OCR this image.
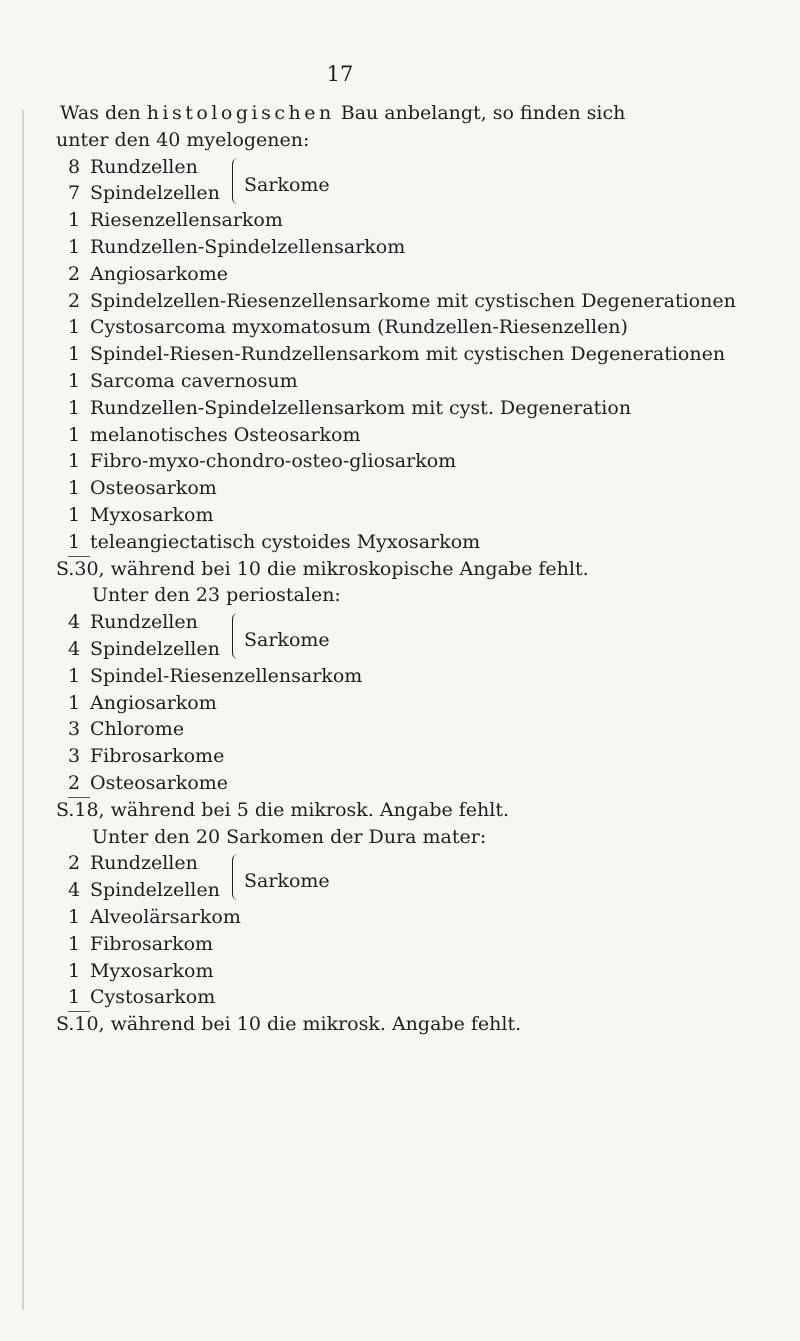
17
Was den histologischen Bau anbelangt, so finden sich
unter den 40 myelogenen:
8 Rundzellen
7 Spindelzellen	Sarkome
1 Riesenzellensarkom
1 Rundzellen-Spindelzellensarkom
2 Angiosarkome
2 Spindelzellen-Riesenzellensarkome mit cystischen Degenerationen
1 Cystosarcoma myxomatosum (Rundzellen-Riesenzellen)
1 Spindel-Riesen-Rundzellensarkom mit cystischen Degenerationen
1 Sarcoma cavernosum
1 Rundzellen-Spindelzellensarkom mit cyst. Degeneration
1 melanotisches Osteosarkom
1 Fibro-myxo-chondro-osteo-gliosarkom
1 Osteosarkom
1 Myxosarkom
1 teleangiectatisch cystoides Myxosarkom
S.30, während bei 10 die mikroskopische Angabe fehlt.
Unter den 23 periostalen:
4 Rundzellen
4 Spindelzellen	Sarkome
1 Spindel-Riesenzellensarkom
1 Angiosarkom
3 Chlorome
3 Fibrosarkome
2 Osteosarkome
S.18, während bei 5 die mikrosk. Angabe fehlt.
Unter den 20 Sarkomen der Dura mater:
2 Rundzellen
4 Spindelzellen	Sarkome
1 Alveolärsarkom
1 Fibrosarkom
1 Myxosarkom
1 Cystosarkom
S.10, während bei 10 die mikrosk. Angabe fehlt.
